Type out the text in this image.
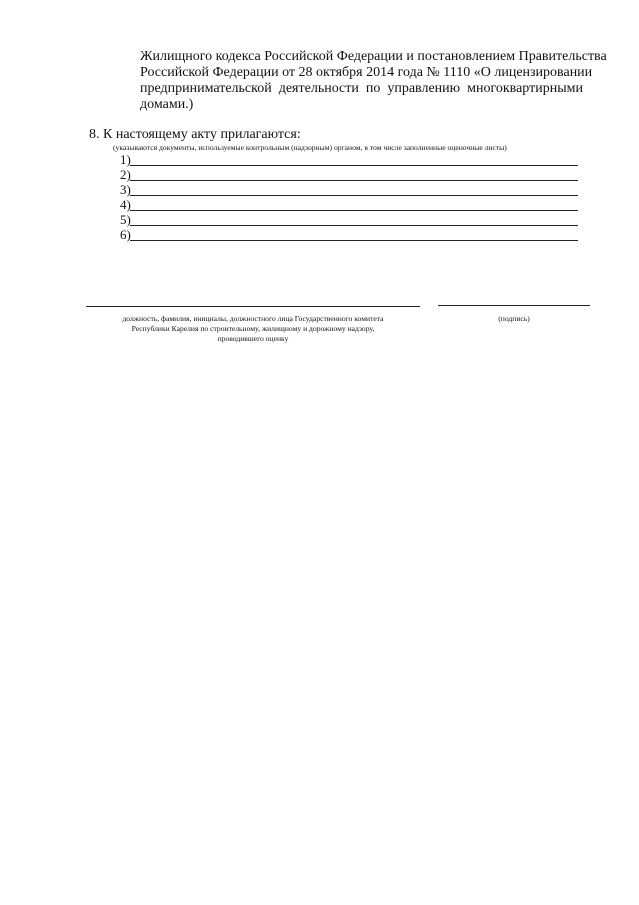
Жилищного кодекса Российской Федерации и постановлением Правительства
Российской Федерации от 28 октября 2014 года № 1110 «О лицензировании
предпринимательской деятельности по управлению многоквартирными
домами.)
8. К настоящему акту прилагаются:
(указываются документы, используемые контрольным (надзорным) органом, в том числе заполненные оценочные листы)
1)
2)
3)
4)
5)
6)
должность, фамилия, инициалы, должностного лица Государственного комитета
Республики Карелия по строительному, жилищному и дорожному надзору,
проводившего оценку
(подпись)
